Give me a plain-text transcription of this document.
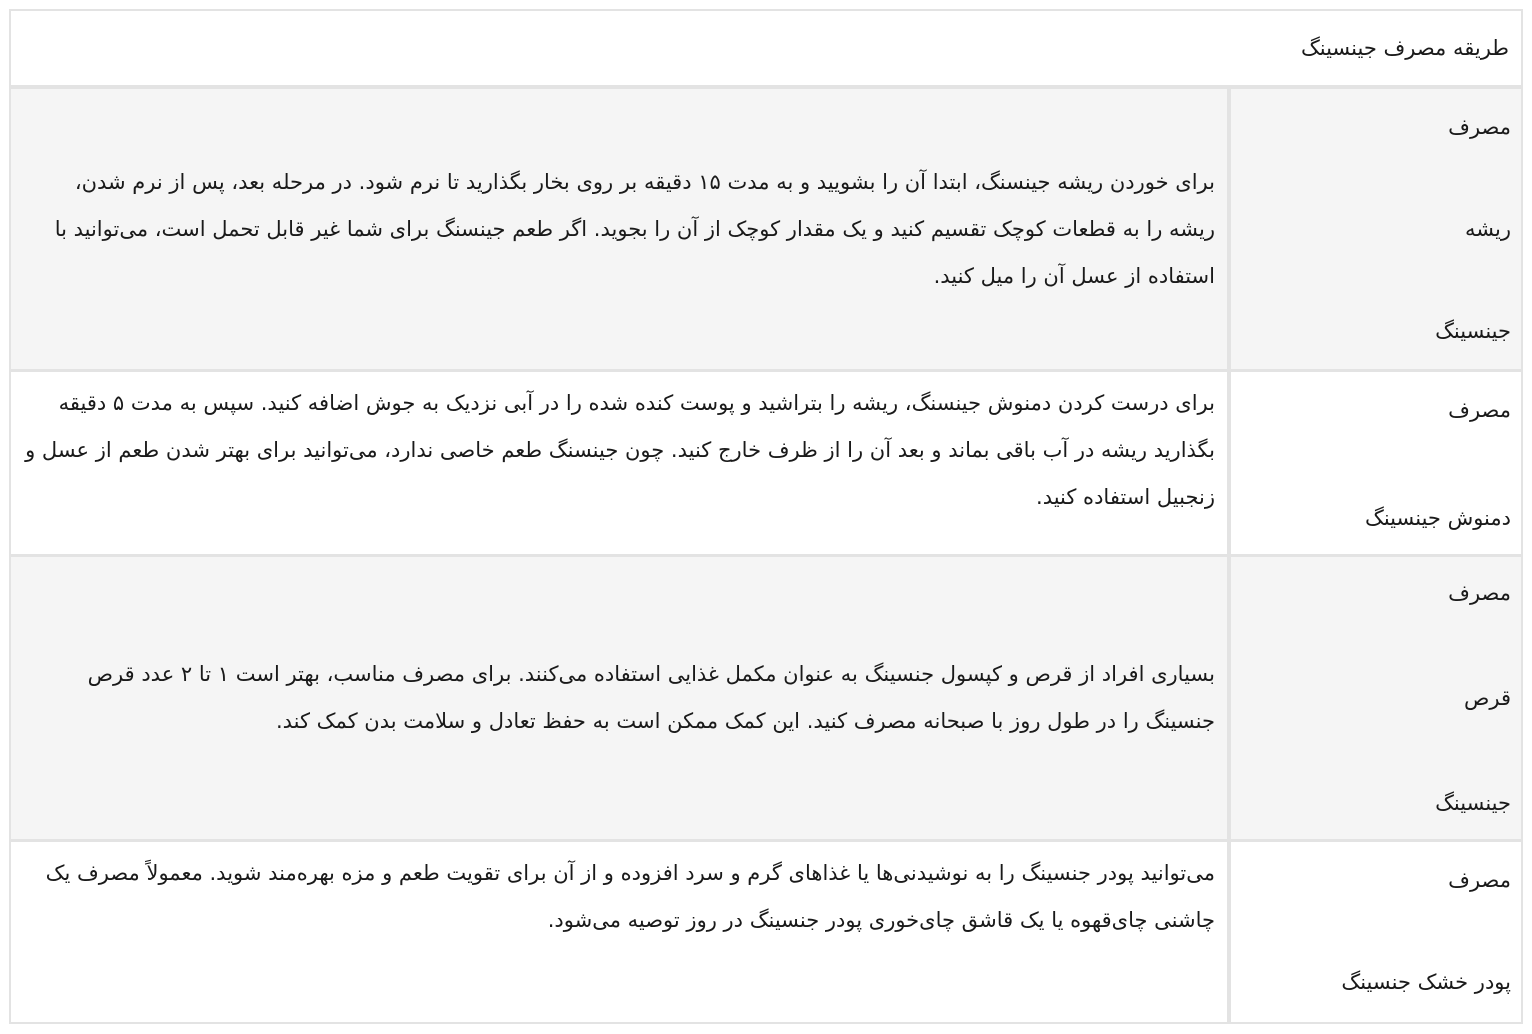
طریقه مصرف جینسینگ
مصرف
ریشه
جینسینگ
برای خوردن ریشه جینسنگ، ابتدا آن را بشویید و به مدت ۱۵ دقیقه بر روی بخار بگذارید تا نرم شود. در مرحله بعد، پس از نرم شدن، ریشه را به قطعات کوچک تقسیم کنید و یک مقدار کوچک از آن را بجوید. اگر طعم جینسنگ برای شما غیر قابل تحمل است، می‌توانید با استفاده از عسل آن را میل کنید.
مصرف
دمنوش جینسینگ
برای درست کردن دمنوش جینسنگ، ریشه را بتراشید و پوست کنده شده را در آبی نزدیک به جوش اضافه کنید. سپس به مدت ۵ دقیقه بگذارید ریشه در آب باقی بماند و بعد آن را از ظرف خارج کنید. چون جینسنگ طعم خاصی ندارد، می‌توانید برای بهتر شدن طعم از عسل و زنجبیل استفاده کنید.
مصرف
قرص
جینسینگ
بسیاری افراد از قرص و کپسول جنسینگ به عنوان مکمل غذایی استفاده می‌کنند. برای مصرف مناسب، بهتر است ۱ تا ۲ عدد قرص جنسینگ را در طول روز با صبحانه مصرف کنید. این کمک ممکن است به حفظ تعادل و سلامت بدن کمک کند.
مصرف
پودر خشک جنسینگ
می‌توانید پودر جنسینگ را به نوشیدنی‌ها یا غذاهای گرم و سرد افزوده و از آن برای تقویت طعم و مزه بهره‌مند شوید. معمولاً مصرف یک چاشنی چای‌قهوه یا یک قاشق چای‌خوری پودر جنسینگ در روز توصیه می‌شود.
